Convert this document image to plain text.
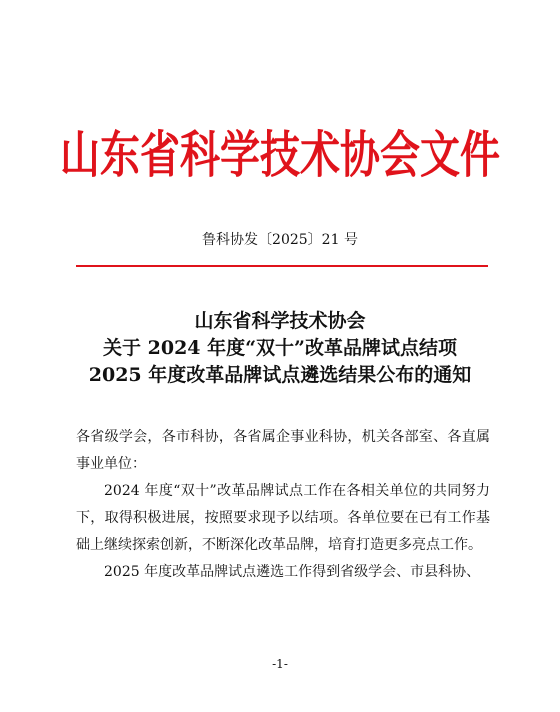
山东省科学技术协会文件
鲁科协发〔2025〕21 号
山东省科学技术协会
关于 2024 年度“双十”改革品牌试点结项
2025 年度改革品牌试点遴选结果公布的通知

各省级学会，各市科协，各省属企事业科协，机关各部室、各直属事业单位：

2024 年度“双十”改革品牌试点工作在各相关单位的共同努力下，取得积极进展，按照要求现予以结项。各单位要在已有工作基础上继续探索创新，不断深化改革品牌，培育打造更多亮点工作。

2025 年度改革品牌试点遴选工作得到省级学会、市县科协、

-1-
